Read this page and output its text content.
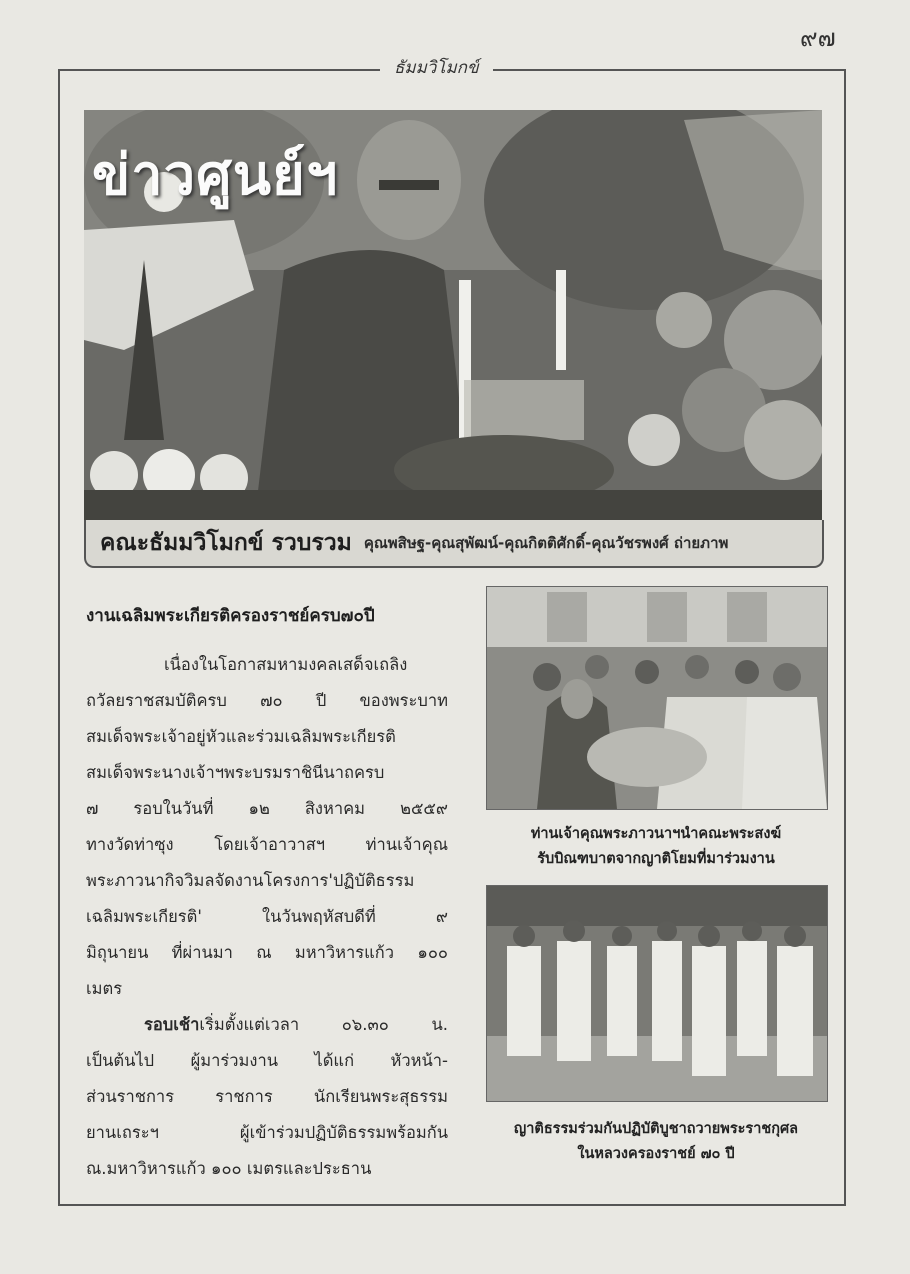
๙๗
ธัมมวิโมกข์
ข่าวศูนย์ฯ
คณะธัมมวิโมกข์ รวบรวม คุณพสิษฐ-คุณสุพัฒน์-คุณกิตติศักดิ์-คุณวัชรพงศ์ ถ่ายภาพ
งานเฉลิมพระเกียรติครองราชย์ครบ๗๐ปี

เนื่องในโอกาสมหามงคลเสด็จเถลิง

ถวัลยราชสมบัติครบ ๗๐ ปี ของพระบาท

สมเด็จพระเจ้าอยู่หัวและร่วมเฉลิมพระเกียรติ

สมเด็จพระนางเจ้าฯพระบรมราชินีนาถครบ

๗ รอบในวันที่ ๑๒ สิงหาคม ๒๕๕๙

ทางวัดท่าซุง โดยเจ้าอาวาสฯ ท่านเจ้าคุณ

พระภาวนากิจวิมลจัดงานโครงการ'ปฏิบัติธรรม

เฉลิมพระเกียรติ' ในวันพฤหัสบดีที่ ๙

มิถุนายน ที่ผ่านมา ณ มหาวิหารแก้ว ๑๐๐

เมตร

รอบเช้าเริ่มตั้งแต่เวลา ๐๖.๓๐ น.

เป็นต้นไป ผู้มาร่วมงาน ได้แก่ หัวหน้า-

ส่วนราชการ ราชการ นักเรียนพระสุธรรม

ยานเถระฯ ผู้เข้าร่วมปฏิบัติธรรมพร้อมกัน

ณ.มหาวิหารแก้ว ๑๐๐ เมตรและประธาน

ท่านเจ้าคุณพระภาวนาฯนำคณะพระสงฆ์
รับบิณฑบาตจากญาติโยมที่มาร่วมงาน
ญาติธรรมร่วมกันปฏิบัติบูชาถวายพระราชกุศล
ในหลวงครองราชย์ ๗๐ ปี
